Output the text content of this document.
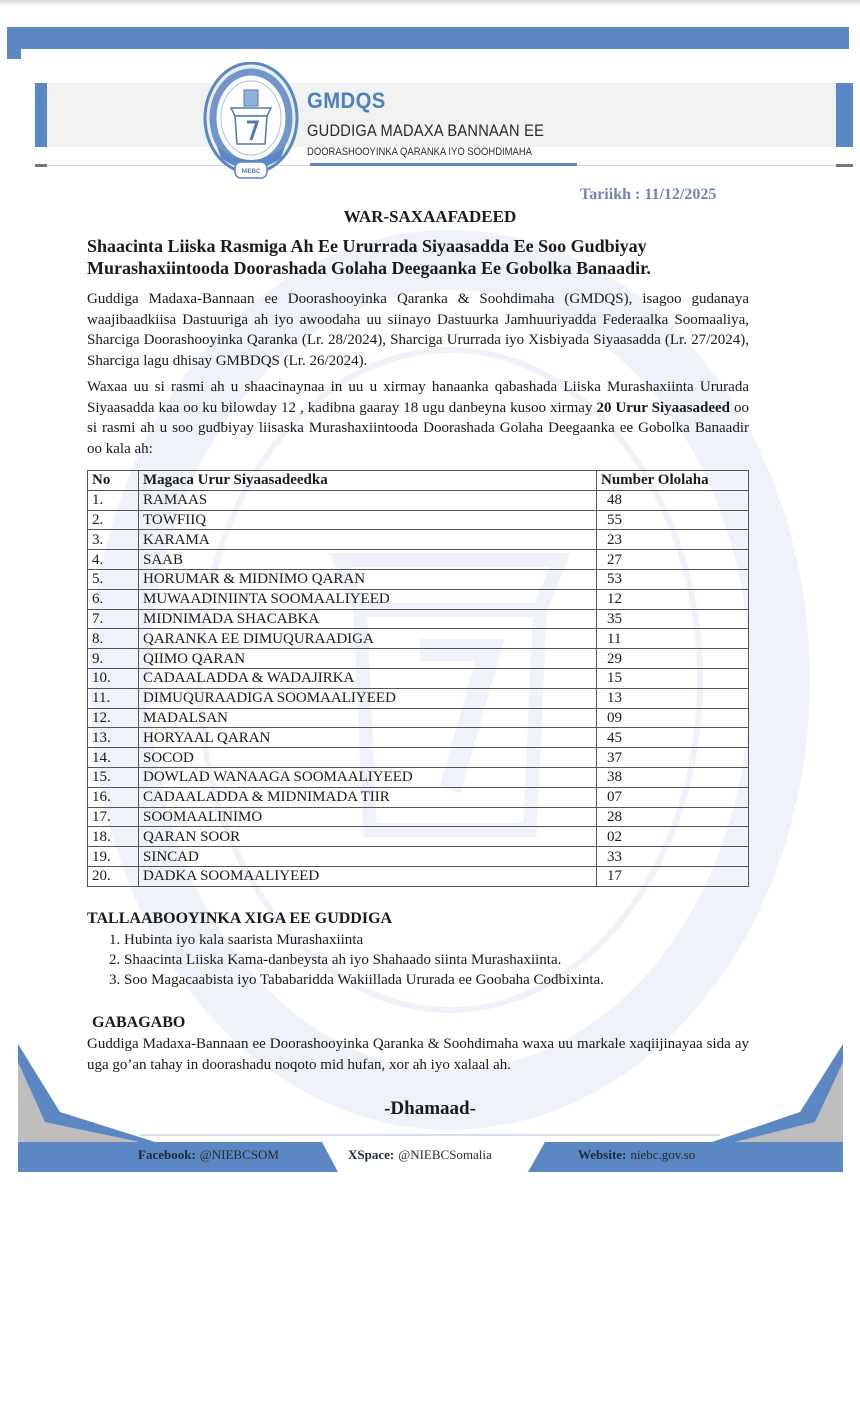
NIEBC
GMDQS
GUDDIGA MADAXA BANNAAN EE
DOORASHOOYINKA QARANKA IYO SOOHDIMAHA
Tariikh : 11/12/2025
WAR-SAXAAFADEED
Shaacinta Liiska Rasmiga Ah Ee Ururrada Siyaasadda Ee Soo Gudbiyay
Murashaxiintooda Doorashada Golaha Deegaanka Ee Gobolka Banaadir.
Guddiga Madaxa-Bannaan ee Doorashooyinka Qaranka & Soohdimaha (GMDQS), isagoo gudanaya waajibaadkiisa Dastuuriga ah iyo awoodaha uu siinayo Dastuurka Jamhuuriyadda Federaalka Soomaaliya, Sharciga Doorashooyinka Qaranka (Lr. 28/2024), Sharciga Ururrada iyo Xisbiyada Siyaasadda (Lr. 27/2024), Sharciga lagu dhisay GMBDQS (Lr. 26/2024).
Waxaa uu si rasmi ah u shaacinaynaa in uu u xirmay hanaanka qabashada Liiska Murashaxiinta Ururada Siyaasadda kaa oo ku bilowday 12 , kadibna gaaray 18 ugu danbeyna kusoo xirmay 20 Urur Siyaasadeed oo si rasmi ah u soo gudbiyay liisaska Murashaxiintooda Doorashada Golaha Deegaanka ee Gobolka Banaadir oo kala ah:
No	Magaca Urur Siyaasadeedka	Number Ololaha
1.	RAMAAS	48
2.	TOWFIIQ	55
3.	KARAMA	23
4.	SAAB	27
5.	HORUMAR & MIDNIMO QARAN	53
6.	MUWAADINIINTA SOOMAALIYEED	12
7.	MIDNIMADA SHACABKA	35
8.	QARANKA EE DIMUQURAADIGA	11
9.	QIIMO QARAN	29
10.	CADAALADDA & WADAJIRKA	15
11.	DIMUQURAADIGA SOOMAALIYEED	13
12.	MADALSAN	09
13.	HORYAAL QARAN	45
14.	SOCOD	37
15.	DOWLAD WANAAGA SOOMAALIYEED	38
16.	CADAALADDA & MIDNIMADA TIIR	07
17.	SOOMAALINIMO	28
18.	QARAN SOOR	02
19.	SINCAD	33
20.	DADKA SOOMAALIYEED	17
TALLAABOOYINKA XIGA EE GUDDIGA
1. Hubinta iyo kala saarista Murashaxiinta
2. Shaacinta Liiska Kama-danbeysta ah iyo Shahaado siinta Murashaxiinta.
3. Soo Magacaabista iyo Tababaridda Wakiillada Ururada ee Goobaha Codbixinta.
GABAGABO
Guddiga Madaxa-Bannaan ee Doorashooyinka Qaranka & Soohdimaha waxa uu markale xaqiijinayaa sida ay uga go’an tahay in doorashadu noqoto mid hufan, xor ah iyo xalaal ah.
-Dhamaad-
Facebook: @NIEBCSOM	XSpace: @NIEBCSomalia	Website: niebc.gov.so
